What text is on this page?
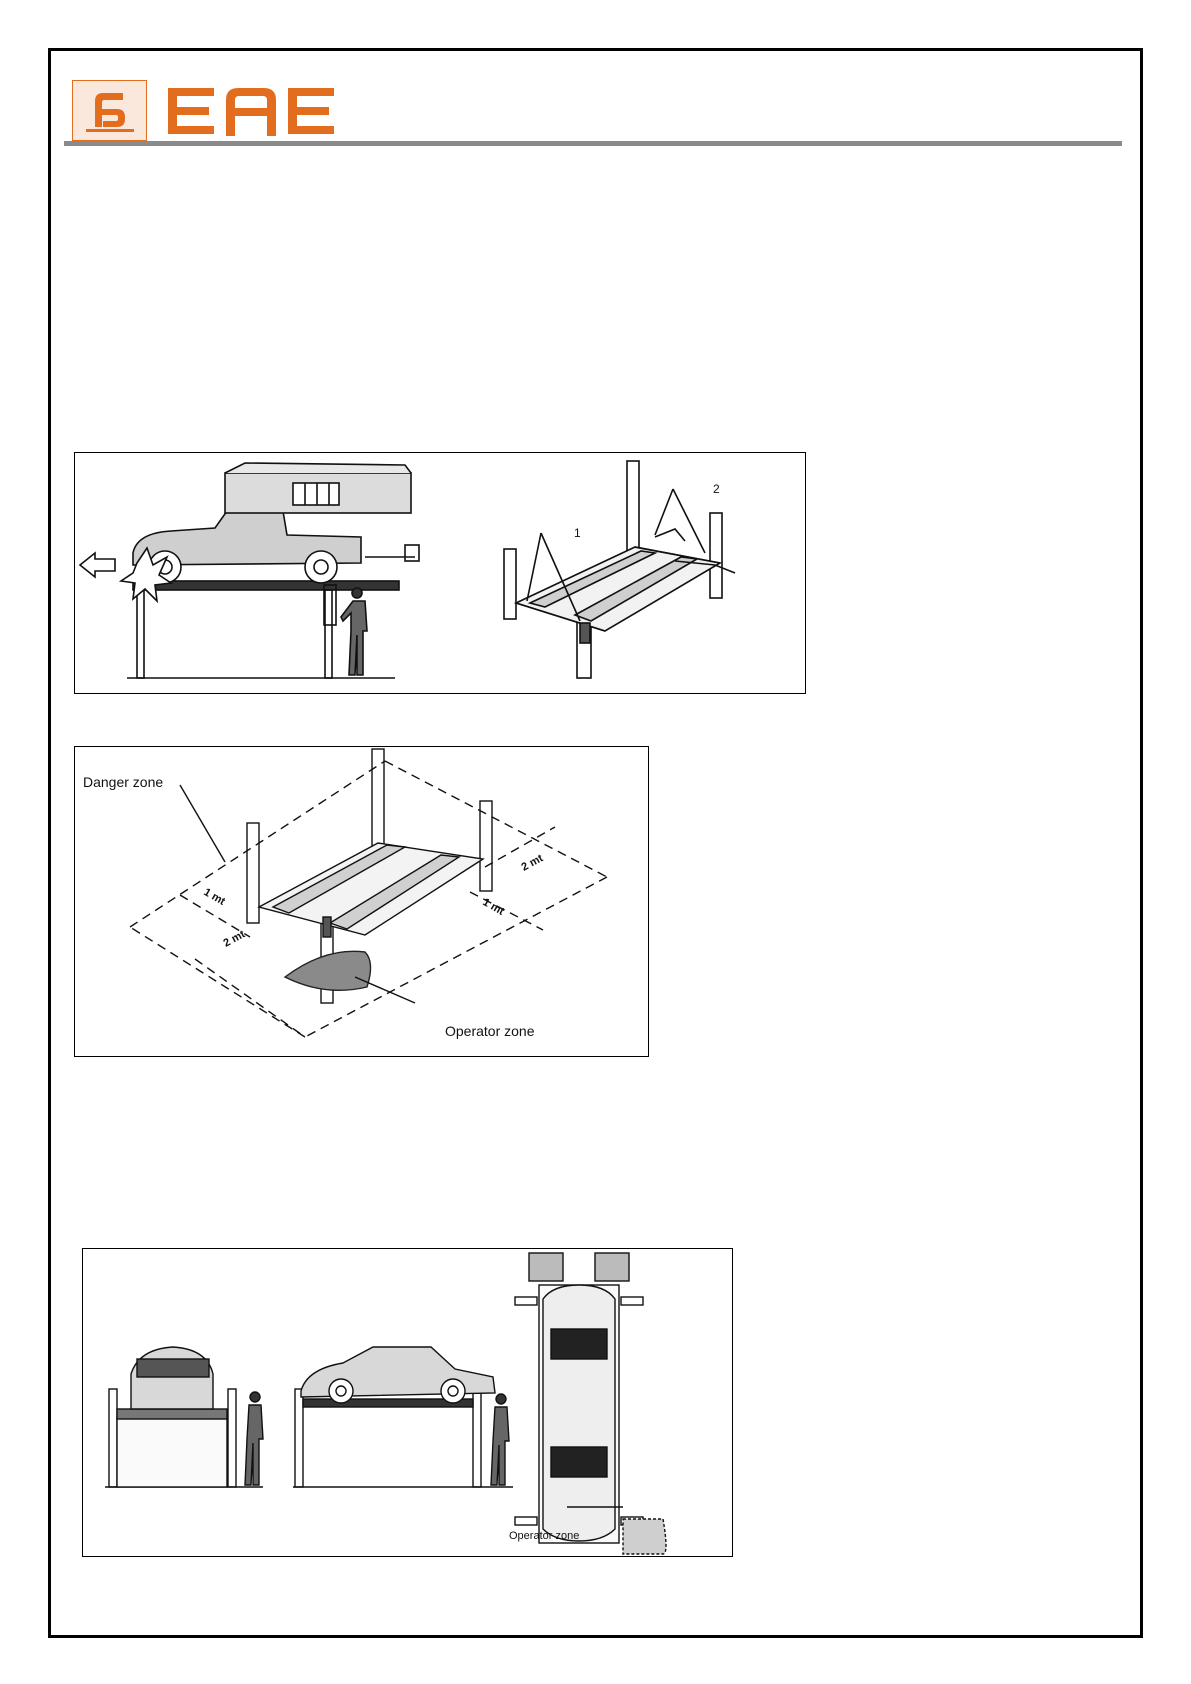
1
2
Danger zone
Operator zone
1 mt
2 mt
2 mt
1 mt
Operator zone
